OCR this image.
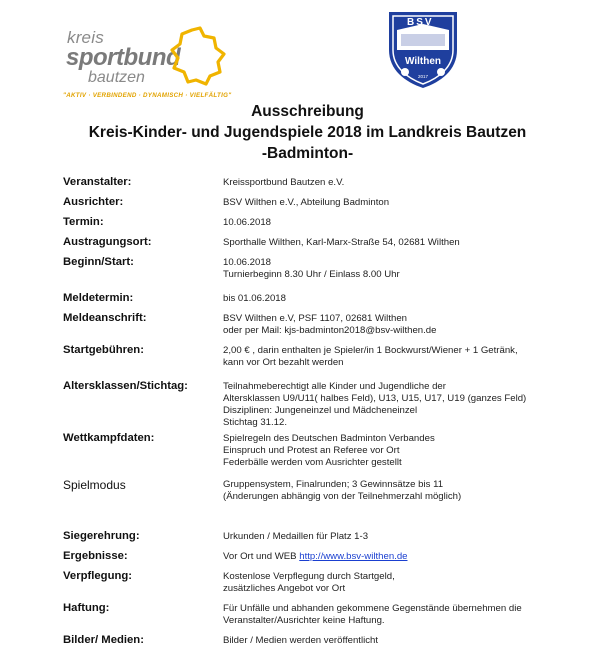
kreis
sportbund
bautzen
"AKTIV · VERBINDEND · DYNAMISCH · VIELFÄLTIG"
BSV
Wilthen
2017
Ausschreibung
Kreis-Kinder- und Jugendspiele 2018 im Landkreis Bautzen
-Badminton-
Veranstalter:	Kreissportbund Bautzen e.V.

Ausrichter:	BSV Wilthen e.V., Abteilung Badminton

Termin:	10.06.2018

Austragungsort:	Sporthalle Wilthen, Karl-Marx-Straße 54, 02681 Wilthen

Beginn/Start:	10.06.2018
Turnierbeginn 8.30 Uhr / Einlass 8.00 Uhr

Meldetermin:	bis 01.06.2018

Meldeanschrift:	BSV Wilthen e.V, PSF 1107, 02681 Wilthen
oder per Mail: kjs-badminton2018@bsv-wilthen.de

Startgebühren:	2,00 € , darin enthalten je Spieler/in 1 Bockwurst/Wiener + 1 Getränk,
kann vor Ort bezahlt werden

Altersklassen/Stichtag:	Teilnahmeberechtigt alle Kinder und Jugendliche der
Altersklassen U9/U11( halbes Feld), U13, U15, U17, U19 (ganzes Feld)
Disziplinen: Jungeneinzel und Mädcheneinzel
Stichtag 31.12.

Wettkampfdaten:	Spielregeln des Deutschen Badminton Verbandes
Einspruch und Protest an Referee vor Ort
Federbälle werden vom Ausrichter gestellt

Spielmodus	Gruppensystem, Finalrunden; 3 Gewinnsätze bis 11
(Änderungen abhängig von der Teilnehmerzahl möglich)

Siegerehrung:	Urkunden / Medaillen für Platz 1-3

Ergebnisse:	Vor Ort und WEB http://www.bsv-wilthen.de

Verpflegung:	Kostenlose Verpflegung durch Startgeld,
zusätzliches Angebot vor Ort

Haftung:	Für Unfälle und abhanden gekommene Gegenstände übernehmen die
Veranstalter/Ausrichter keine Haftung.

Bilder/ Medien:	Bilder / Medien werden veröffentlicht
